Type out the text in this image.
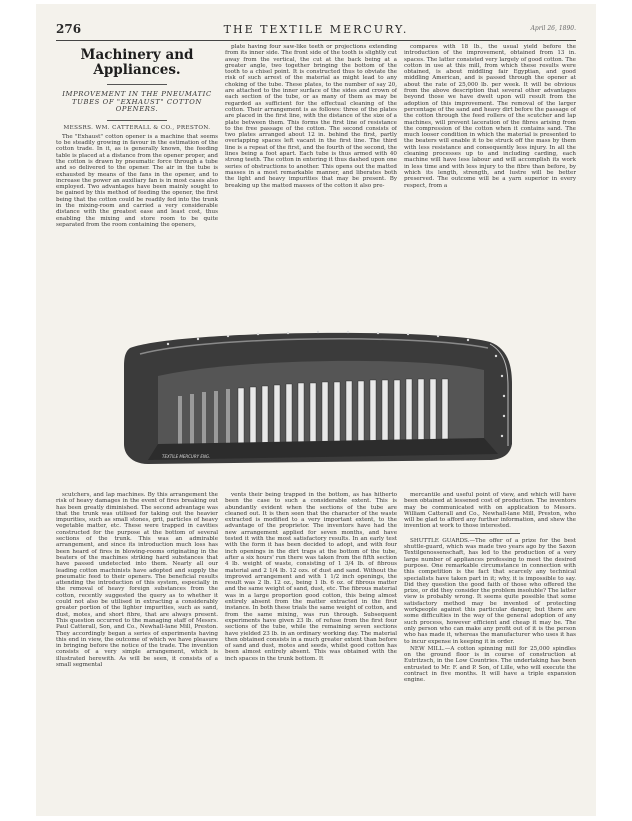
276	THE TEXTILE MERCURY.	April 26, 1890.
Machinery and Appliances.
IMPROVEMENT IN THE PNEUMATIC TUBES OF "EXHAUST" COTTON OPENERS.
MESSRS. WM. CATTERALL & CO., PRESTON.

The "Exhaust" cotton opener is a machine that seems to be steadily growing in favour in the estimation of the cotton trade. In it, as is generally known, the feeding table is placed at a distance from the opener proper, and the cotton is drawn by pneumatic force through a tube and so delivered to the opener. The air in the tube is exhausted by means of the fans in the opener, and to increase the power an auxiliary fan is in most cases also employed. Two advantages have been mainly sought to be gained by this method of feeding the opener, the first being that the cotton could be readily fed into the trunk in the mixing-room and carried a very considerable distance with the greatest ease and least cost, thus enabling the mixing and store room to be quite separated from the room containing the openers,

plate having four saw-like teeth or projections extending from its inner side. The front side of the tooth is slightly cut away from the vertical, the cut at the back being at a greater angle, two together bringing the bottom of the tooth to a chisel point. It is constructed thus to obviate the risk of such arrest of the material as might lead to any choking of the tube. These plates, to the number of say 20, are attached to the inner surface of the sides and crown of each section of the tube, or as many of them as may be regarded as sufficient for the effectual cleaning of the cotton. Their arrangement is as follows: three of the plates are placed in the first line, with the distance of the size of a plate between them. This forms the first line of resistance to the free passage of the cotton. The second consists of two plates arranged about 12 in. behind the first, partly overlapping spaces left vacant in the first line. The third line is a repeat of the first, and the fourth of the second, the lines being a foot apart. Each tube is thus armed with 40 strong teeth. The cotton in entering it thus dashed upon one series of obstructions to another. This opens out the matted masses in a most remarkable manner, and liberates both the light and heavy impurities that may be present. By breaking up the matted masses of the cotton it also pre-

compares with 18 lb., the usual yield before the introduction of the improvement, obtained from 13 in. spaces. The latter consisted very largely of good cotton. The cotton in use at this mill, from which these results were obtained, is about middling fair Egyptian, and good middling American, and is passed through the opener at about the rate of 25,000 lb. per week. It will be obvious from the above description that several other advantages beyond those we have dwelt upon will result from the adoption of this improvement. The removal of the larger percentage of the sand and heavy dirt before the passage of the cotton through the feed rollers of the scutcher and lap machines, will prevent laceration of the fibres arising from the compression of the cotton when it contains sand. The much looser condition in which the material is presented to the beaters will enable it to be struck off the mass by them with less resistance and consequently less injury. In all the cleaning processes up to and including carding, each machine will have less labour and will accomplish its work in less time and with less injury to the fibre than before, by which its length, strength, and lustre will be better preserved. The outcome will be a yarn superior in every respect, from a

TEXTILE MERCURY ENG.

scutchers, and lap machines. By this arrangement the risk of heavy damages in the event of fires breaking out has been greatly diminished. The second advantage was that the trunk was utilised for taking out the heavier impurities, such as small stones, grit, particles of heavy vegetable matter, etc. These were trapped in cavities constructed for the purpose at the bottom of several sections of the trunk. This was an admirable arrangement, and since its introduction much loss has been heard of fires in blowing-rooms originating in the beaters of the machines striking hard substances that have passed undetected into them. Nearly all our leading cotton machinists have adopted and supply the pneumatic feed to their openers. The beneficial results attending the introduction of this system, especially in the removal of heavy foreign substances from the cotton, recently suggested the query as to whether it could not also be utilised in extracting a considerably greater portion of the lighter impurities, such as sand, dust, motes, and short fibre, that are always present. This question occurred to the managing staff of Messrs. Paul Catterall, Son, and Co., Newhall-lane Mill, Preston. They accordingly began a series of experiments having this end in view, the outcome of which we have pleasure in bringing before the notice of the trade. The invention consists of a very simple arrangement, which is illustrated herewith. As will be seen, it consists of a small segmental

vents their being trapped in the bottom, as has hitherto been the case to such a considerable extent. This is abundantly evident when the sections of the tube are cleaned out. It is then seen that the character of the waste extracted is modified to a very important extent, to the advantage of the proprietor. The inventors have had the new arrangement applied for seven months, and have tested it with the most satisfactory results. In an early test with the form it has been decided to adopt, and with four inch openings in the dirt traps at the bottom of the tube, after a six hours' run there was taken from the fifth section 4 lb. weight of waste, consisting of 1 3/4 lb. of fibrous material and 2 1/4 lb. 12 ozs. of dust and sand. Without the improved arrangement and with 1 1/2 inch openings, the result was 2 lb. 12 oz., being 1 lb. 6 oz. of fibrous matter and the same weight of sand, dust, etc. The fibrous material was in a large proportion good cotton, this being almost entirely absent from the matter extracted in the first instance. In both these trials the same weight of cotton, and from the same mixing, was run through. Subsequent experiments have given 23 lb. of refuse from the first four sections of the tube, while the remaining seven sections have yielded 23 lb. in an ordinary working day. The material then obtained consists in a much greater extent than before of sand and dust, motes and seeds, whilst good cotton has been almost entirely absent. This was obtained with the inch spaces in the trunk bottom. It

mercantile and useful point of view, and which will have been obtained at lessened cost of production. The inventors may be communicated with on application to Messrs. William Catterall and Co., Newhall-lane Mill, Preston, who will be glad to afford any further information, and shew the invention at work to those interested.

SHUTTLE GUARDS.—The offer of a prize for the best shuttle-guard, which was made two years ago by the Saxon Textilgenossenschaft, has led to the production of a very large number of appliances professing to meet the desired purpose. One remarkable circumstance in connection with this competition is the fact that scarcely any technical specialists have taken part in it; why, it is impossible to say. Did they question the good faith of those who offered the prize, or did they consider the problem insoluble? The latter view is probably wrong. It seems quite possible that some satisfactory method may be invented of protecting workpeople against this particular danger, but there are some difficulties in the way of the general adoption of any such process, however efficient and cheap it may be. The only person who can make any profit out of it is the person who has made it, whereas the manufacturer who uses it has to incur expense in keeping it in order.

NEW MILL.—A cotton spinning mill for 25,000 spindles on the ground floor is in course of construction at Eutritzsch, in the Low Countries. The undertaking has been entrusted to Mr. F. and P. Son, of Lille, who will execute the contract in five months. It will have a triple expansion engine.
